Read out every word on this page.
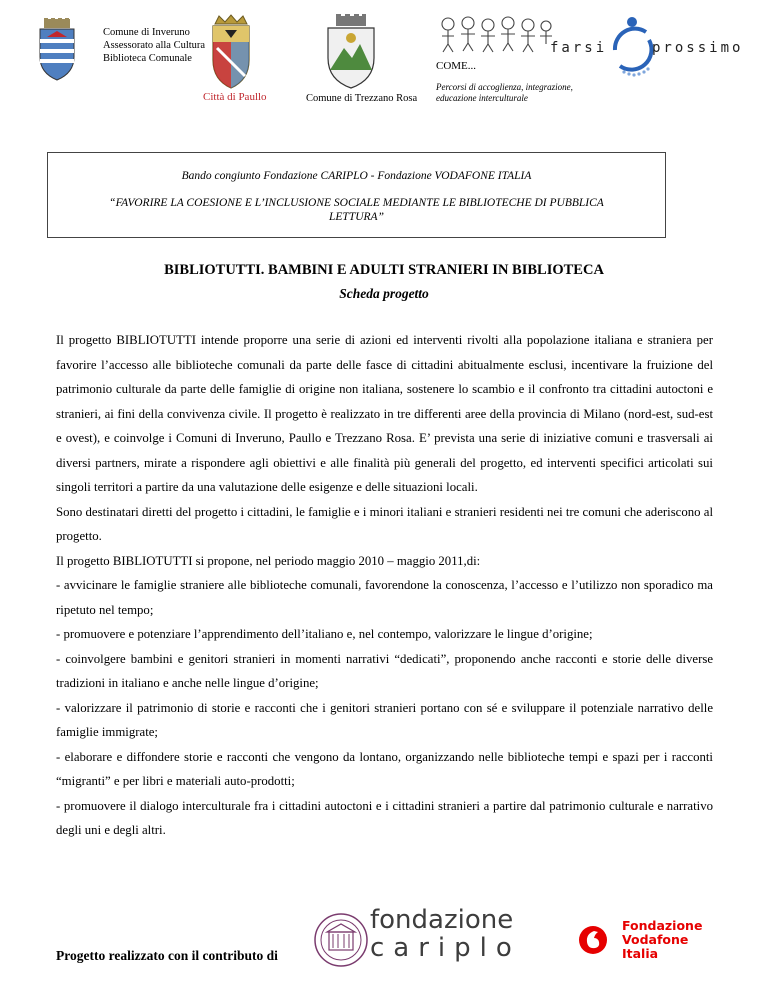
Comune di Inveruno
Assessorato alla Cultura
Biblioteca Comunale
Città di Paullo	Comune di Trezzano Rosa
COME...
Percorsi di accoglienza, integrazione,
educazione interculturale
farsi	prossimo

Bando congiunto Fondazione CARIPLO - Fondazione VODAFONE ITALIA

“FAVORIRE LA COESIONE E L’INCLUSIONE SOCIALE MEDIANTE LE BIBLIOTECHE DI PUBBLICA

LETTURA”

BIBLIOTUTTI. BAMBINI E ADULTI STRANIERI IN BIBLIOTECA
Scheda progetto

Il progetto BIBLIOTUTTI intende proporre una serie di azioni ed interventi rivolti alla popolazione italiana e straniera per favorire l’accesso alle biblioteche comunali da parte delle fasce di cittadini abitualmente esclusi, incentivare la fruizione del patrimonio culturale da parte delle famiglie di origine non italiana, sostenere lo scambio e il confronto tra cittadini autoctoni e stranieri, ai fini della convivenza civile. Il progetto è realizzato in tre differenti aree della provincia di Milano (nord-est, sud-est e ovest), e coinvolge i Comuni di Inveruno, Paullo e Trezzano Rosa. E’ prevista una serie di iniziative comuni e trasversali ai diversi partners, mirate a rispondere agli obiettivi e alle finalità più generali del progetto, ed interventi specifici articolati sui singoli territori a partire da una valutazione delle esigenze e delle situazioni locali.

Sono destinatari diretti del progetto i cittadini, le famiglie e i minori italiani e stranieri residenti nei tre comuni che aderiscono al progetto.

Il progetto BIBLIOTUTTI si propone, nel periodo maggio 2010 – maggio 2011,di:

- avvicinare le famiglie straniere alle biblioteche comunali, favorendone la conoscenza, l’accesso e l’utilizzo non sporadico ma ripetuto nel tempo;

- promuovere e potenziare l’apprendimento dell’italiano e, nel contempo, valorizzare le lingue d’origine;

- coinvolgere bambini e genitori stranieri in momenti narrativi “dedicati”, proponendo anche racconti e storie delle diverse tradizioni in italiano e anche nelle lingue d’origine;

- valorizzare il patrimonio di storie e racconti che i genitori stranieri portano con sé e sviluppare il potenziale narrativo delle famiglie immigrate;

- elaborare e diffondere storie e racconti che vengono da lontano, organizzando nelle biblioteche tempi e spazi per i racconti “migranti” e per libri e materiali auto-prodotti;

- promuovere il dialogo interculturale fra i cittadini autoctoni e i cittadini stranieri a partire dal patrimonio culturale e narrativo degli uni e degli altri.

Progetto realizzato con il contributo di
fondazione
cariplo
Fondazione
Vodafone
Italia
